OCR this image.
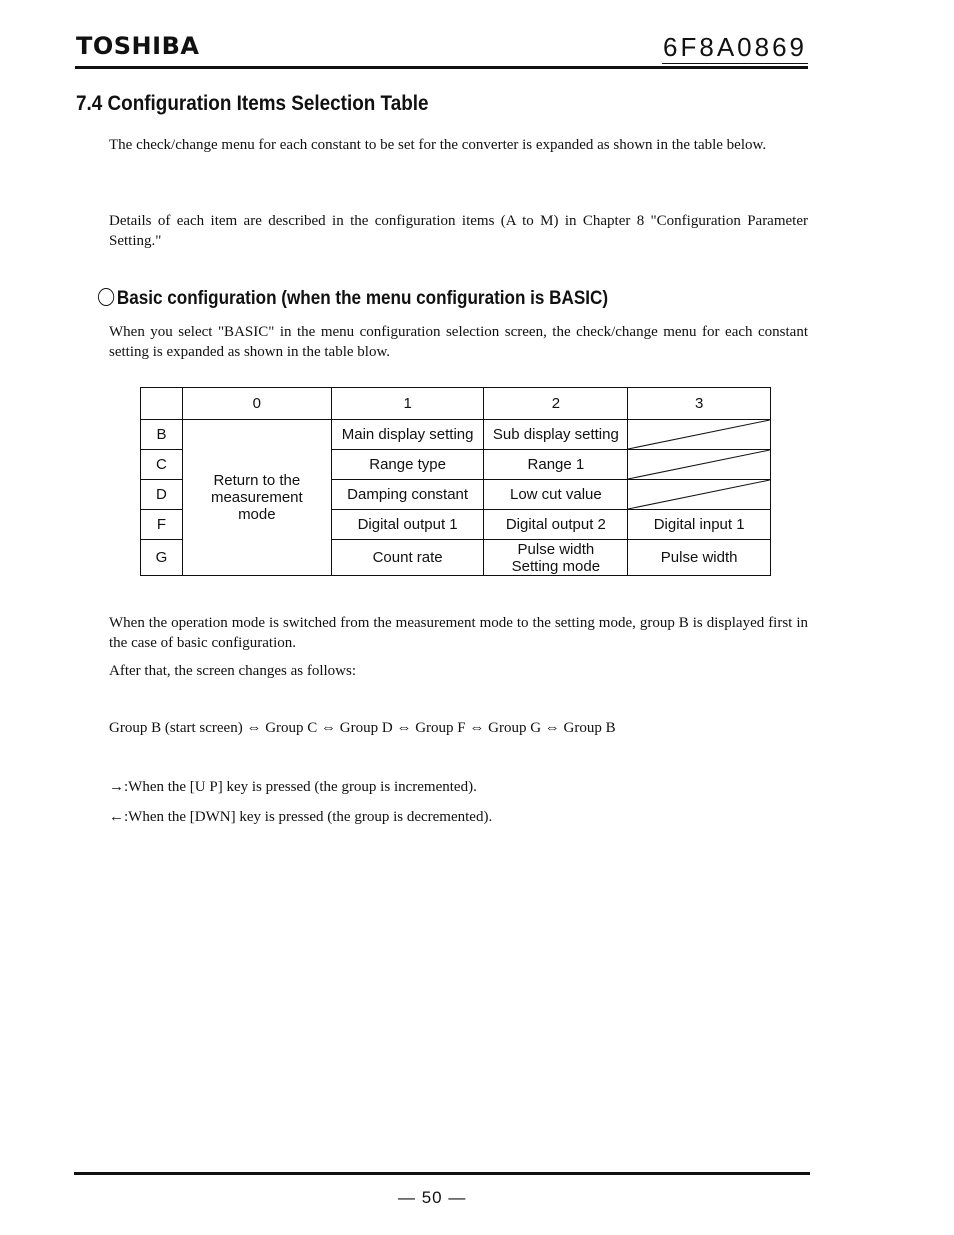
TOSHIBA	6F8A0869
7.4 Configuration Items Selection Table
The check/change menu for each constant to be set for the converter is expanded as shown in the table below.
Details of each item are described in the configuration items (A to M) in Chapter 8 "Configuration Parameter Setting."
Basic configuration (when the menu configuration is BASIC)
When you select "BASIC" in the menu configuration selection screen, the check/change menu for each constant setting is expanded as shown in the table blow.
	0	1	2	3
B	Return to the measurement mode	Main display setting	Sub display setting	

C		Range type	Range 1	

D		Damping constant	Low cut value	

F		Digital output 1	Digital output 2	Digital input 1
G		Count rate	Pulse width Setting mode	Pulse width
When the operation mode is switched from the measurement mode to the setting mode, group B is displayed first in the case of basic configuration.
After that, the screen changes as follows:
Group B (start screen) ⇔ Group C ⇔ Group D ⇔ Group F ⇔ Group G ⇔ Group B
→:When the [U P] key is pressed (the group is incremented).
←:When the [DWN] key is pressed (the group is decremented).
— 50 —
